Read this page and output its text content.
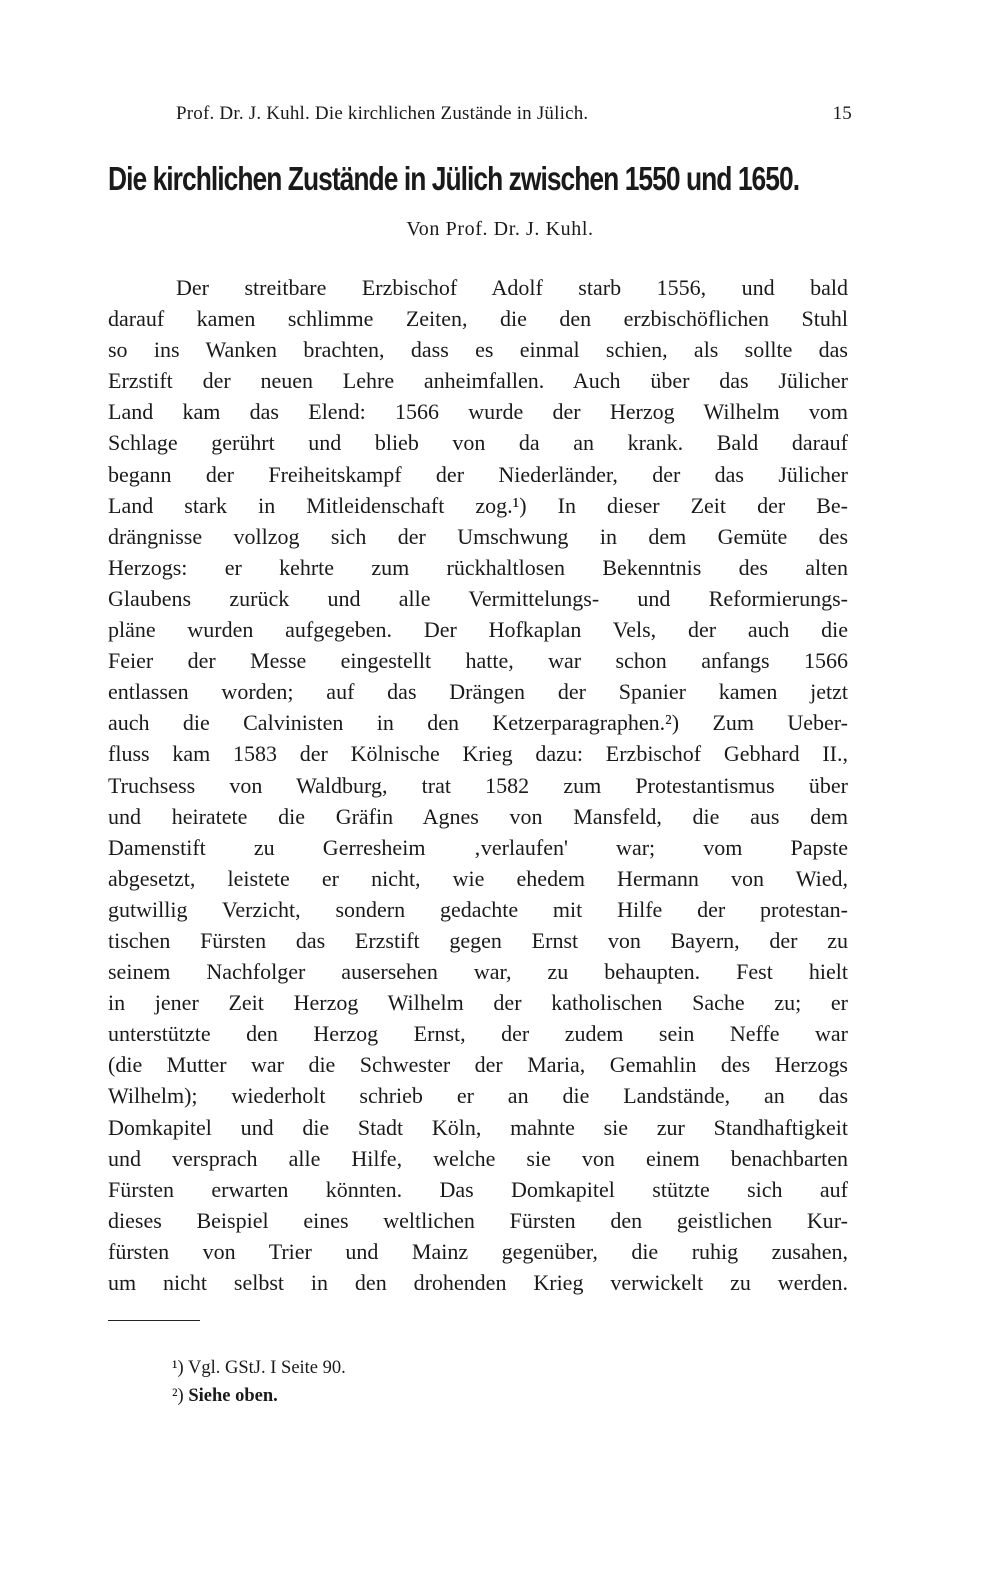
Prof. Dr. J. Kuhl. Die kirchlichen Zustände in Jülich.	15
Die kirchlichen Zustände in Jülich zwischen 1550 und 1650.
Von Prof. Dr. J. Kuhl.
Der streitbare Erzbischof Adolf starb 1556, und bald
darauf kamen schlimme Zeiten, die den erzbischöflichen Stuhl
so ins Wanken brachten, dass es einmal schien, als sollte das
Erzstift der neuen Lehre anheimfallen. Auch über das Jülicher
Land kam das Elend: 1566 wurde der Herzog Wilhelm vom
Schlage gerührt und blieb von da an krank. Bald darauf
begann der Freiheitskampf der Niederländer, der das Jülicher
Land stark in Mitleidenschaft zog.¹) In dieser Zeit der Be-
drängnisse vollzog sich der Umschwung in dem Gemüte des
Herzogs: er kehrte zum rückhaltlosen Bekenntnis des alten
Glaubens zurück und alle Vermittelungs- und Reformierungs-
pläne wurden aufgegeben. Der Hofkaplan Vels, der auch die
Feier der Messe eingestellt hatte, war schon anfangs 1566
entlassen worden; auf das Drängen der Spanier kamen jetzt
auch die Calvinisten in den Ketzerparagraphen.²) Zum Ueber-
fluss kam 1583 der Kölnische Krieg dazu: Erzbischof Gebhard II.,
Truchsess von Waldburg, trat 1582 zum Protestantismus über
und heiratete die Gräfin Agnes von Mansfeld, die aus dem
Damenstift zu Gerresheim ‚verlaufen' war; vom Papste
abgesetzt, leistete er nicht, wie ehedem Hermann von Wied,
gutwillig Verzicht, sondern gedachte mit Hilfe der protestan-
tischen Fürsten das Erzstift gegen Ernst von Bayern, der zu
seinem Nachfolger ausersehen war, zu behaupten. Fest hielt
in jener Zeit Herzog Wilhelm der katholischen Sache zu; er
unterstützte den Herzog Ernst, der zudem sein Neffe war
(die Mutter war die Schwester der Maria, Gemahlin des Herzogs
Wilhelm); wiederholt schrieb er an die Landstände, an das
Domkapitel und die Stadt Köln, mahnte sie zur Standhaftigkeit
und versprach alle Hilfe, welche sie von einem benachbarten
Fürsten erwarten könnten. Das Domkapitel stützte sich auf
dieses Beispiel eines weltlichen Fürsten den geistlichen Kur-
fürsten von Trier und Mainz gegenüber, die ruhig zusahen,
um nicht selbst in den drohenden Krieg verwickelt zu werden.
¹) Vgl. GStJ. I Seite 90.
²) Siehe oben.
